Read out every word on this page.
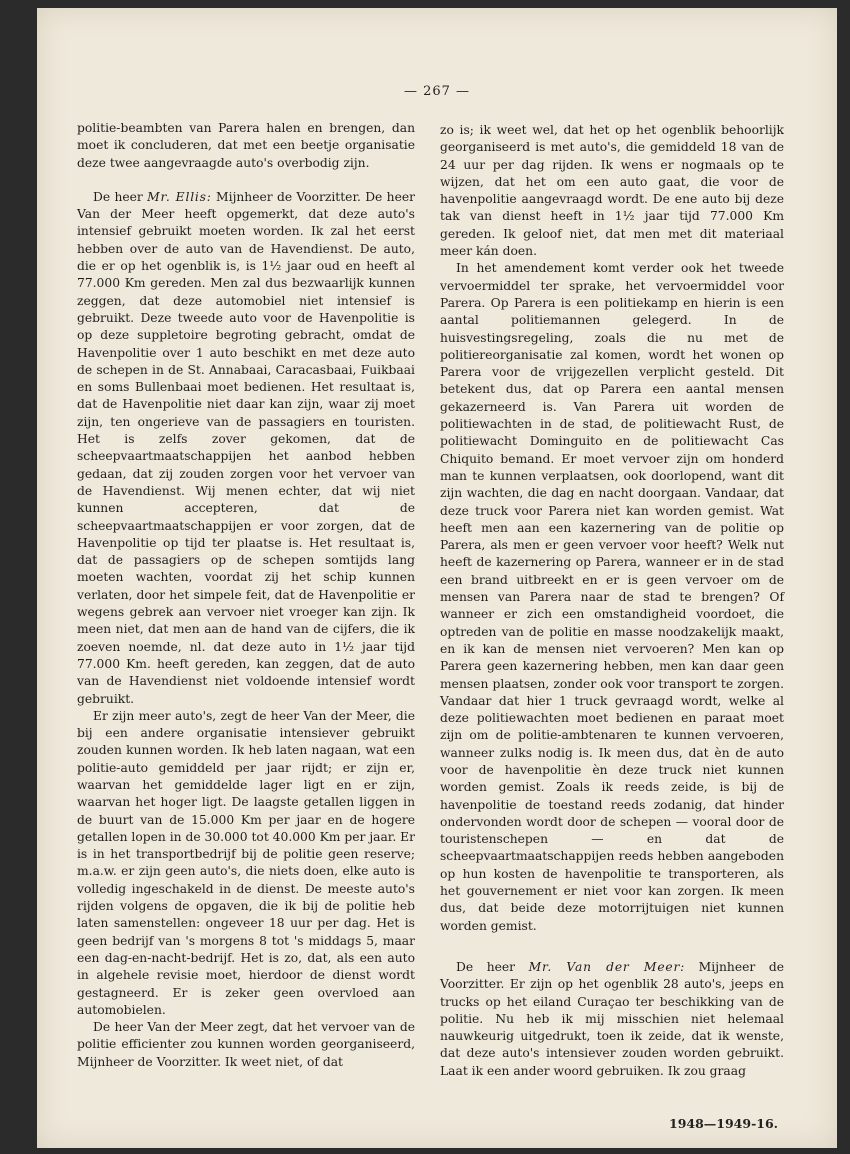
— 267 —

politie-beambten van Parera halen en brengen, dan moet ik concluderen, dat met een beetje organisatie deze twee aangevraagde auto's overbodig zijn.

De heer Mr. Ellis: Mijnheer de Voorzitter. De heer Van der Meer heeft opgemerkt, dat deze auto's intensief gebruikt moeten worden. Ik zal het eerst hebben over de auto van de Havendienst. De auto, die er op het ogenblik is, is 1½ jaar oud en heeft al 77.000 Km gereden. Men zal dus bezwaarlijk kunnen zeggen, dat deze automobiel niet intensief is gebruikt. Deze tweede auto voor de Havenpolitie is op deze suppletoire begroting gebracht, omdat de Havenpolitie over 1 auto beschikt en met deze auto de schepen in de St. Annabaai, Caracasbaai, Fuikbaai en soms Bullenbaai moet bedienen. Het resultaat is, dat de Havenpolitie niet daar kan zijn, waar zij moet zijn, ten ongerieve van de passagiers en touristen. Het is zelfs zover gekomen, dat de scheepvaartmaatschappijen het aanbod hebben gedaan, dat zij zouden zorgen voor het vervoer van de Havendienst. Wij menen echter, dat wij niet kunnen accepteren, dat de scheepvaartmaatschappijen er voor zorgen, dat de Havenpolitie op tijd ter plaatse is. Het resultaat is, dat de passagiers op de schepen somtijds lang moeten wachten, voordat zij het schip kunnen verlaten, door het simpele feit, dat de Havenpolitie er wegens gebrek aan vervoer niet vroeger kan zijn. Ik meen niet, dat men aan de hand van de cijfers, die ik zoeven noemde, nl. dat deze auto in 1½ jaar tijd 77.000 Km. heeft gereden, kan zeggen, dat de auto van de Havendienst niet voldoende intensief wordt gebruikt.

Er zijn meer auto's, zegt de heer Van der Meer, die bij een andere organisatie intensiever gebruikt zouden kunnen worden. Ik heb laten nagaan, wat een politie-auto gemiddeld per jaar rijdt; er zijn er, waarvan het gemiddelde lager ligt en er zijn, waarvan het hoger ligt. De laagste getallen liggen in de buurt van de 15.000 Km per jaar en de hogere getallen lopen in de 30.000 tot 40.000 Km per jaar. Er is in het transportbedrijf bij de politie geen reserve; m.a.w. er zijn geen auto's, die niets doen, elke auto is volledig ingeschakeld in de dienst. De meeste auto's rijden volgens de opgaven, die ik bij de politie heb laten samenstellen: ongeveer 18 uur per dag. Het is geen bedrijf van 's morgens 8 tot 's middags 5, maar een dag-en-nacht-bedrijf. Het is zo, dat, als een auto in algehele revisie moet, hierdoor de dienst wordt gestagneerd. Er is zeker geen overvloed aan automobielen.

De heer Van der Meer zegt, dat het vervoer van de politie efficienter zou kunnen worden georganiseerd, Mijnheer de Voorzitter. Ik weet niet, of dat

zo is; ik weet wel, dat het op het ogenblik behoorlijk georganiseerd is met auto's, die gemiddeld 18 van de 24 uur per dag rijden. Ik wens er nogmaals op te wijzen, dat het om een auto gaat, die voor de havenpolitie aangevraagd wordt. De ene auto bij deze tak van dienst heeft in 1½ jaar tijd 77.000 Km gereden. Ik geloof niet, dat men met dit materiaal meer kán doen.

In het amendement komt verder ook het tweede vervoermiddel ter sprake, het vervoermiddel voor Parera. Op Parera is een politiekamp en hierin is een aantal politiemannen gelegerd. In de huisvestingsregeling, zoals die nu met de politiereorganisatie zal komen, wordt het wonen op Parera voor de vrijgezellen verplicht gesteld. Dit betekent dus, dat op Parera een aantal mensen gekazerneerd is. Van Parera uit worden de politiewachten in de stad, de politiewacht Rust, de politiewacht Dominguito en de politiewacht Cas Chiquito bemand. Er moet vervoer zijn om honderd man te kunnen verplaatsen, ook doorlopend, want dit zijn wachten, die dag en nacht doorgaan. Vandaar, dat deze truck voor Parera niet kan worden gemist. Wat heeft men aan een kazernering van de politie op Parera, als men er geen vervoer voor heeft? Welk nut heeft de kazernering op Parera, wanneer er in de stad een brand uitbreekt en er is geen vervoer om de mensen van Parera naar de stad te brengen? Of wanneer er zich een omstandigheid voordoet, die optreden van de politie en masse noodzakelijk maakt, en ik kan de mensen niet vervoeren? Men kan op Parera geen kazernering hebben, men kan daar geen mensen plaatsen, zonder ook voor transport te zorgen. Vandaar dat hier 1 truck gevraagd wordt, welke al deze politiewachten moet bedienen en paraat moet zijn om de politie-ambtenaren te kunnen vervoeren, wanneer zulks nodig is. Ik meen dus, dat èn de auto voor de havenpolitie èn deze truck niet kunnen worden gemist. Zoals ik reeds zeide, is bij de havenpolitie de toestand reeds zodanig, dat hinder ondervonden wordt door de schepen — vooral door de touristenschepen — en dat de scheepvaartmaatschappijen reeds hebben aangeboden op hun kosten de havenpolitie te transporteren, als het gouvernement er niet voor kan zorgen. Ik meen dus, dat beide deze motorrijtuigen niet kunnen worden gemist.

De heer Mr. Van der Meer: Mijnheer de Voorzitter. Er zijn op het ogenblik 28 auto's, jeeps en trucks op het eiland Curaçao ter beschikking van de politie. Nu heb ik mij misschien niet helemaal nauwkeurig uitgedrukt, toen ik zeide, dat ik wenste, dat deze auto's intensiever zouden worden gebruikt. Laat ik een ander woord gebruiken. Ik zou graag

1948—1949-16.
